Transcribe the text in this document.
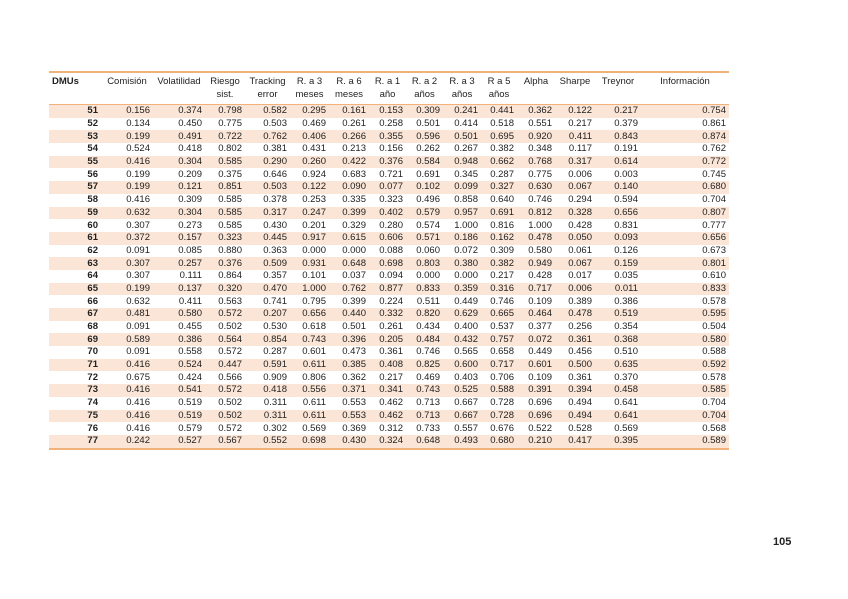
DMUs	Comisión	Volatilidad	Riesgo sist.	Tracking error	R. a 3 meses	R. a 6 meses	R. a 1 año	R. a 2 años	R. a 3 años	R a 5 años	Alpha	Sharpe	Treynor	Información
51	0.156	0.374	0.798	0.582	0.295	0.161	0.153	0.309	0.241	0.441	0.362	0.122	0.217	0.754
52	0.134	0.450	0.775	0.503	0.469	0.261	0.258	0.501	0.414	0.518	0.551	0.217	0.379	0.861
53	0.199	0.491	0.722	0.762	0.406	0.266	0.355	0.596	0.501	0.695	0.920	0.411	0.843	0.874
54	0.524	0.418	0.802	0.381	0.431	0.213	0.156	0.262	0.267	0.382	0.348	0.117	0.191	0.762
55	0.416	0.304	0.585	0.290	0.260	0.422	0.376	0.584	0.948	0.662	0.768	0.317	0.614	0.772
56	0.199	0.209	0.375	0.646	0.924	0.683	0.721	0.691	0.345	0.287	0.775	0.006	0.003	0.745
57	0.199	0.121	0.851	0.503	0.122	0.090	0.077	0.102	0.099	0.327	0.630	0.067	0.140	0.680
58	0.416	0.309	0.585	0.378	0.253	0.335	0.323	0.496	0.858	0.640	0.746	0.294	0.594	0.704
59	0.632	0.304	0.585	0.317	0.247	0.399	0.402	0.579	0.957	0.691	0.812	0.328	0.656	0.807
60	0.307	0.273	0.585	0.430	0.201	0.329	0.280	0.574	1.000	0.816	1.000	0.428	0.831	0.777
61	0.372	0.157	0.323	0.445	0.917	0.615	0.606	0.571	0.186	0.162	0.478	0.050	0.093	0.656
62	0.091	0.085	0.880	0.363	0.000	0.000	0.088	0.060	0.072	0.309	0.580	0.061	0.126	0.673
63	0.307	0.257	0.376	0.509	0.931	0.648	0.698	0.803	0.380	0.382	0.949	0.067	0.159	0.801
64	0.307	0.111	0.864	0.357	0.101	0.037	0.094	0.000	0.000	0.217	0.428	0.017	0.035	0.610
65	0.199	0.137	0.320	0.470	1.000	0.762	0.877	0.833	0.359	0.316	0.717	0.006	0.011	0.833
66	0.632	0.411	0.563	0.741	0.795	0.399	0.224	0.511	0.449	0.746	0.109	0.389	0.386	0.578
67	0.481	0.580	0.572	0.207	0.656	0.440	0.332	0.820	0.629	0.665	0.464	0.478	0.519	0.595
68	0.091	0.455	0.502	0.530	0.618	0.501	0.261	0.434	0.400	0.537	0.377	0.256	0.354	0.504
69	0.589	0.386	0.564	0.854	0.743	0.396	0.205	0.484	0.432	0.757	0.072	0.361	0.368	0.580
70	0.091	0.558	0.572	0.287	0.601	0.473	0.361	0.746	0.565	0.658	0.449	0.456	0.510	0.588
71	0.416	0.524	0.447	0.591	0.611	0.385	0.408	0.825	0.600	0.717	0.601	0.500	0.635	0.592
72	0.675	0.424	0.566	0.909	0.806	0.362	0.217	0.469	0.403	0.706	0.109	0.361	0.370	0.578
73	0.416	0.541	0.572	0.418	0.556	0.371	0.341	0.743	0.525	0.588	0.391	0.394	0.458	0.585
74	0.416	0.519	0.502	0.311	0.611	0.553	0.462	0.713	0.667	0.728	0.696	0.494	0.641	0.704
75	0.416	0.519	0.502	0.311	0.611	0.553	0.462	0.713	0.667	0.728	0.696	0.494	0.641	0.704
76	0.416	0.579	0.572	0.302	0.569	0.369	0.312	0.733	0.557	0.676	0.522	0.528	0.569	0.568
77	0.242	0.527	0.567	0.552	0.698	0.430	0.324	0.648	0.493	0.680	0.210	0.417	0.395	0.589
105
